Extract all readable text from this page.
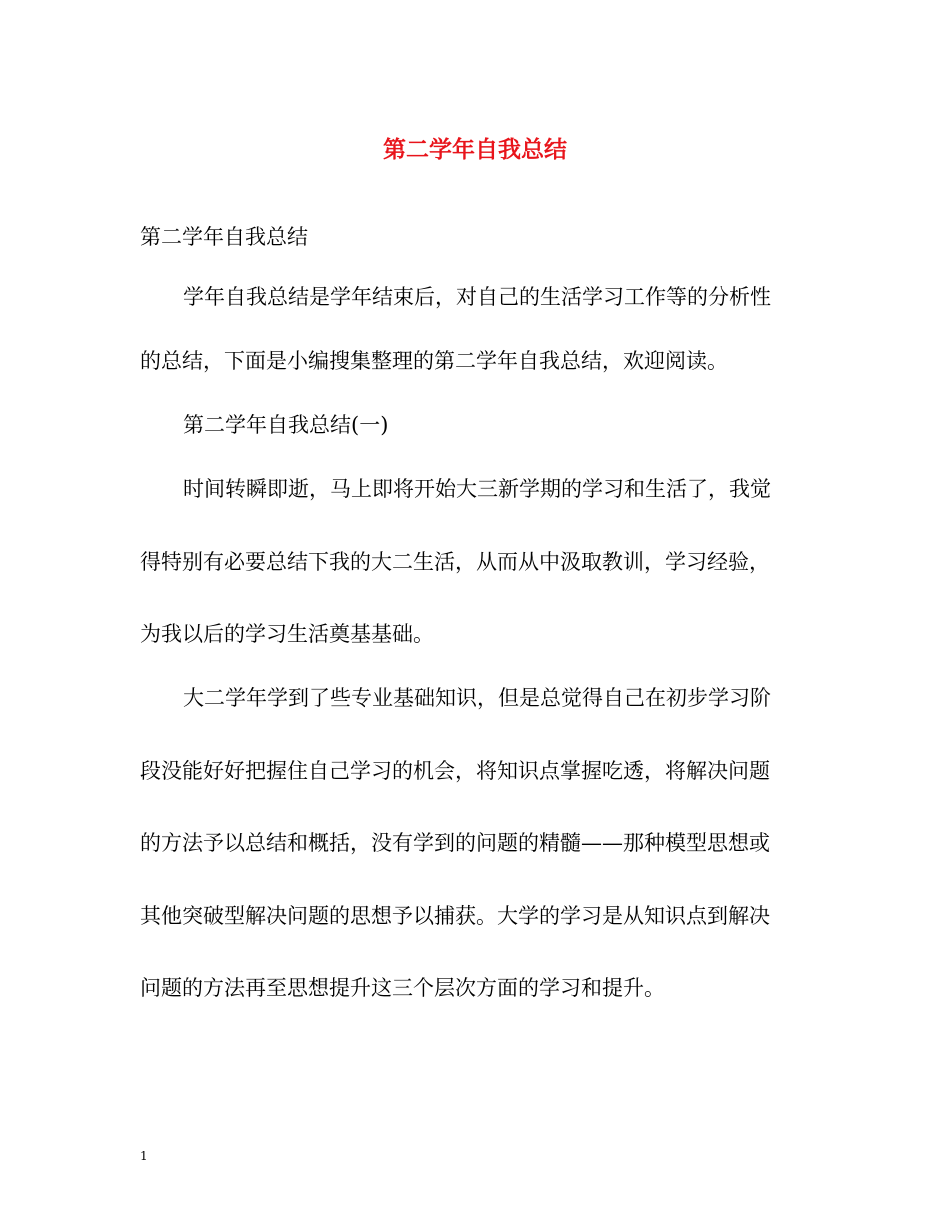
第二学年自我总结

第二学年自我总结

学年自我总结是学年结束后，对自己的生活学习工作等的分析性

的总结，下面是小编搜集整理的第二学年自我总结，欢迎阅读。

第二学年自我总结(一)

时间转瞬即逝，马上即将开始大三新学期的学习和生活了，我觉

得特别有必要总结下我的大二生活，从而从中汲取教训，学习经验，

为我以后的学习生活奠基基础。

大二学年学到了些专业基础知识，但是总觉得自己在初步学习阶

段没能好好把握住自己学习的机会，将知识点掌握吃透，将解决问题

的方法予以总结和概括，没有学到的问题的精髓——那种模型思想或

其他突破型解决问题的思想予以捕获。大学的学习是从知识点到解决

问题的方法再至思想提升这三个层次方面的学习和提升。

1
